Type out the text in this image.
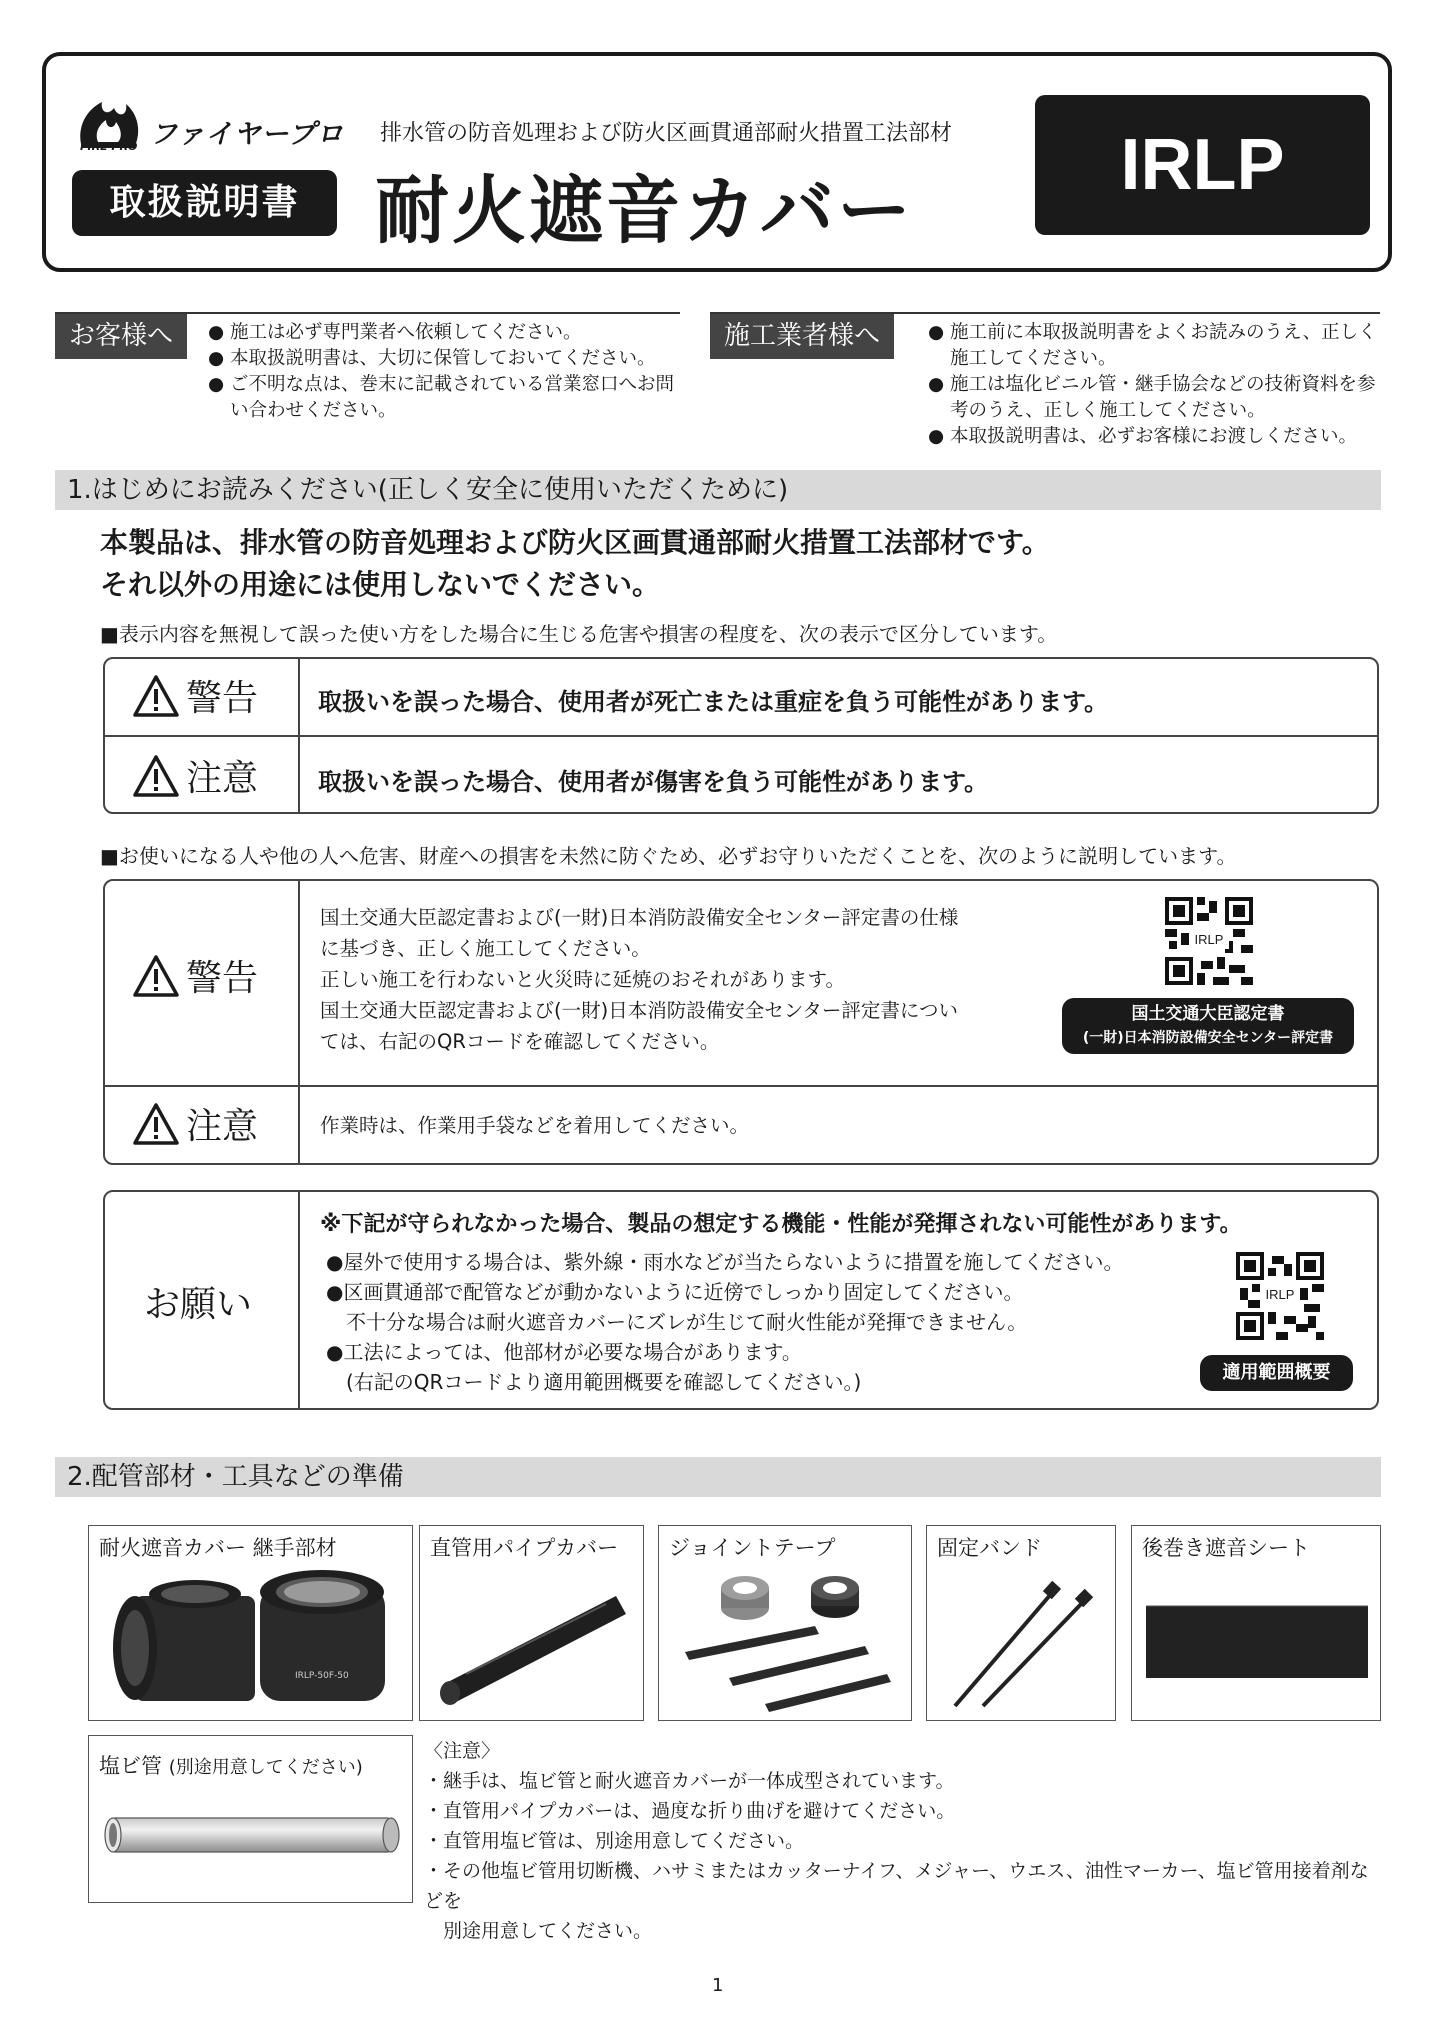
FIRE PRO ファイヤープロ
取扱説明書
排水管の防音処理および防火区画貫通部耐火措置工法部材
耐火遮音カバー
IRLP
お客様へ	● 施工は必ず専門業者へ依頼してください。
● 本取扱説明書は、大切に保管しておいてください。
● ご不明な点は、巻末に記載されている営業窓口へお問い合わせください。
施工業者様へ	● 施工前に本取扱説明書をよくお読みのうえ、正しく施工してください。
● 施工は塩化ビニル管・継手協会などの技術資料を参考のうえ、正しく施工してください。
● 本取扱説明書は、必ずお客様にお渡しください。
1.はじめにお読みください(正しく安全に使用いただくために)
本製品は、排水管の防音処理および防火区画貫通部耐火措置工法部材です。
それ以外の用途には使用しないでください。
■表示内容を無視して誤った使い方をした場合に生じる危害や損害の程度を、次の表示で区分しています。
警告 取扱いを誤った場合、使用者が死亡または重症を負う可能性があります。
注意 取扱いを誤った場合、使用者が傷害を負う可能性があります。
■お使いになる人や他の人へ危害、財産への損害を未然に防ぐため、必ずお守りいただくことを、次のように説明しています。
警告
国土交通大臣認定書および(一財)日本消防設備安全センター評定書の仕様
に基づき、正しく施工してください。
正しい施工を行わないと火災時に延焼のおそれがあります。
国土交通大臣認定書および(一財)日本消防設備安全センター評定書につい
ては、右記のQRコードを確認してください。
IRLP
国土交通大臣認定書
(一財)日本消防設備安全センター評定書
注意	作業時は、作業用手袋などを着用してください。
お願い
※下記が守られなかった場合、製品の想定する機能・性能が発揮されない可能性があります。
●屋外で使用する場合は、紫外線・雨水などが当たらないように措置を施してください。
●区画貫通部で配管などが動かないように近傍でしっかり固定してください。
　不十分な場合は耐火遮音カバーにズレが生じて耐火性能が発揮できません。
●工法によっては、他部材が必要な場合があります。
　(右記のQRコードより適用範囲概要を確認してください。)
IRLP
適用範囲概要
2.配管部材・工具などの準備
耐火遮音カバー 継手部材
IRLP-50F-50
直管用パイプカバー ジョイントテープ	固定バンド	後巻き遮音シート
塩ビ管 (別途用意してください)
〈注意〉
・継手は、塩ビ管と耐火遮音カバーが一体成型されています。
・直管用パイプカバーは、過度な折り曲げを避けてください。
・直管用塩ビ管は、別途用意してください。
・その他塩ビ管用切断機、ハサミまたはカッターナイフ、メジャー、ウエス、油性マーカー、塩ビ管用接着剤などを
　別途用意してください。
1
